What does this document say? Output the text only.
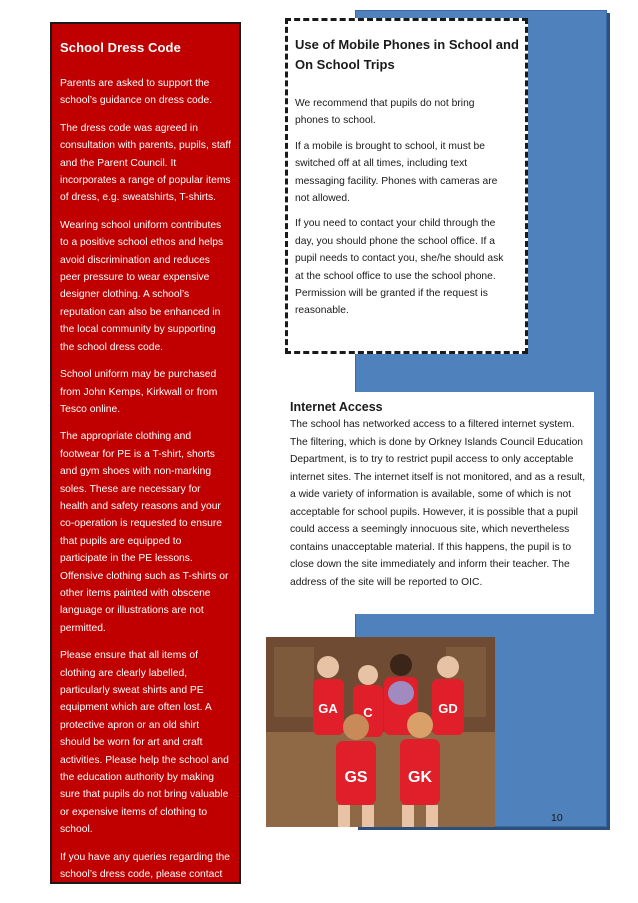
School Dress Code

Parents are asked to support the school’s guidance on dress code.

The dress code was agreed in consultation with parents, pupils, staff and the Parent Council. It incorporates a range of popular items of dress, e.g. sweatshirts, T-shirts.

Wearing school uniform contributes to a positive school ethos and helps avoid discrimination and reduces peer pressure to wear expensive designer clothing. A school’s reputation can also be enhanced in the local community by supporting the school dress code.

School uniform may be purchased from John Kemps, Kirkwall or from Tesco online.

The appropriate clothing and footwear for PE is a T-shirt, shorts and gym shoes with non-marking soles. These are necessary for health and safety reasons and your co-operation is requested to ensure that pupils are equipped to participate in the PE lessons. Offensive clothing such as T-shirts or other items painted with obscene language or illustrations are not permitted.

Please ensure that all items of clothing are clearly labelled, particularly sweat shirts and PE equipment which are often lost. A protective apron or an old shirt should be worn for art and craft activities. Please help the school and the education authority by making sure that pupils do not bring valuable or expensive items of clothing to school.

If you have any queries regarding the school’s dress code, please contact the Headteacher.

Use of Mobile Phones in School and On School Trips

We recommend that pupils do not bring phones to school.

If a mobile is brought to school, it must be switched off at all times, including text messaging facility. Phones with cameras are not allowed.

If you need to contact your child through the day, you should phone the school office. If a pupil needs to contact you, she/he should ask at the school office to use the school phone. Permission will be granted if the request is reasonable.

Internet Access

The school has networked access to a filtered internet system. The filtering, which is done by Orkney Islands Council Education Department, is to try to restrict pupil access to only acceptable internet sites. The internet itself is not monitored, and as a result, a wide variety of information is available, some of which is not acceptable for school pupils. However, it is possible that a pupil could access a seemingly innocuous site, which nevertheless contains unacceptable material. If this happens, the pupil is to close down the site immediately and inform their teacher. The address of the site will be reported to OIC.

GA C	GD
GS	GK
10
